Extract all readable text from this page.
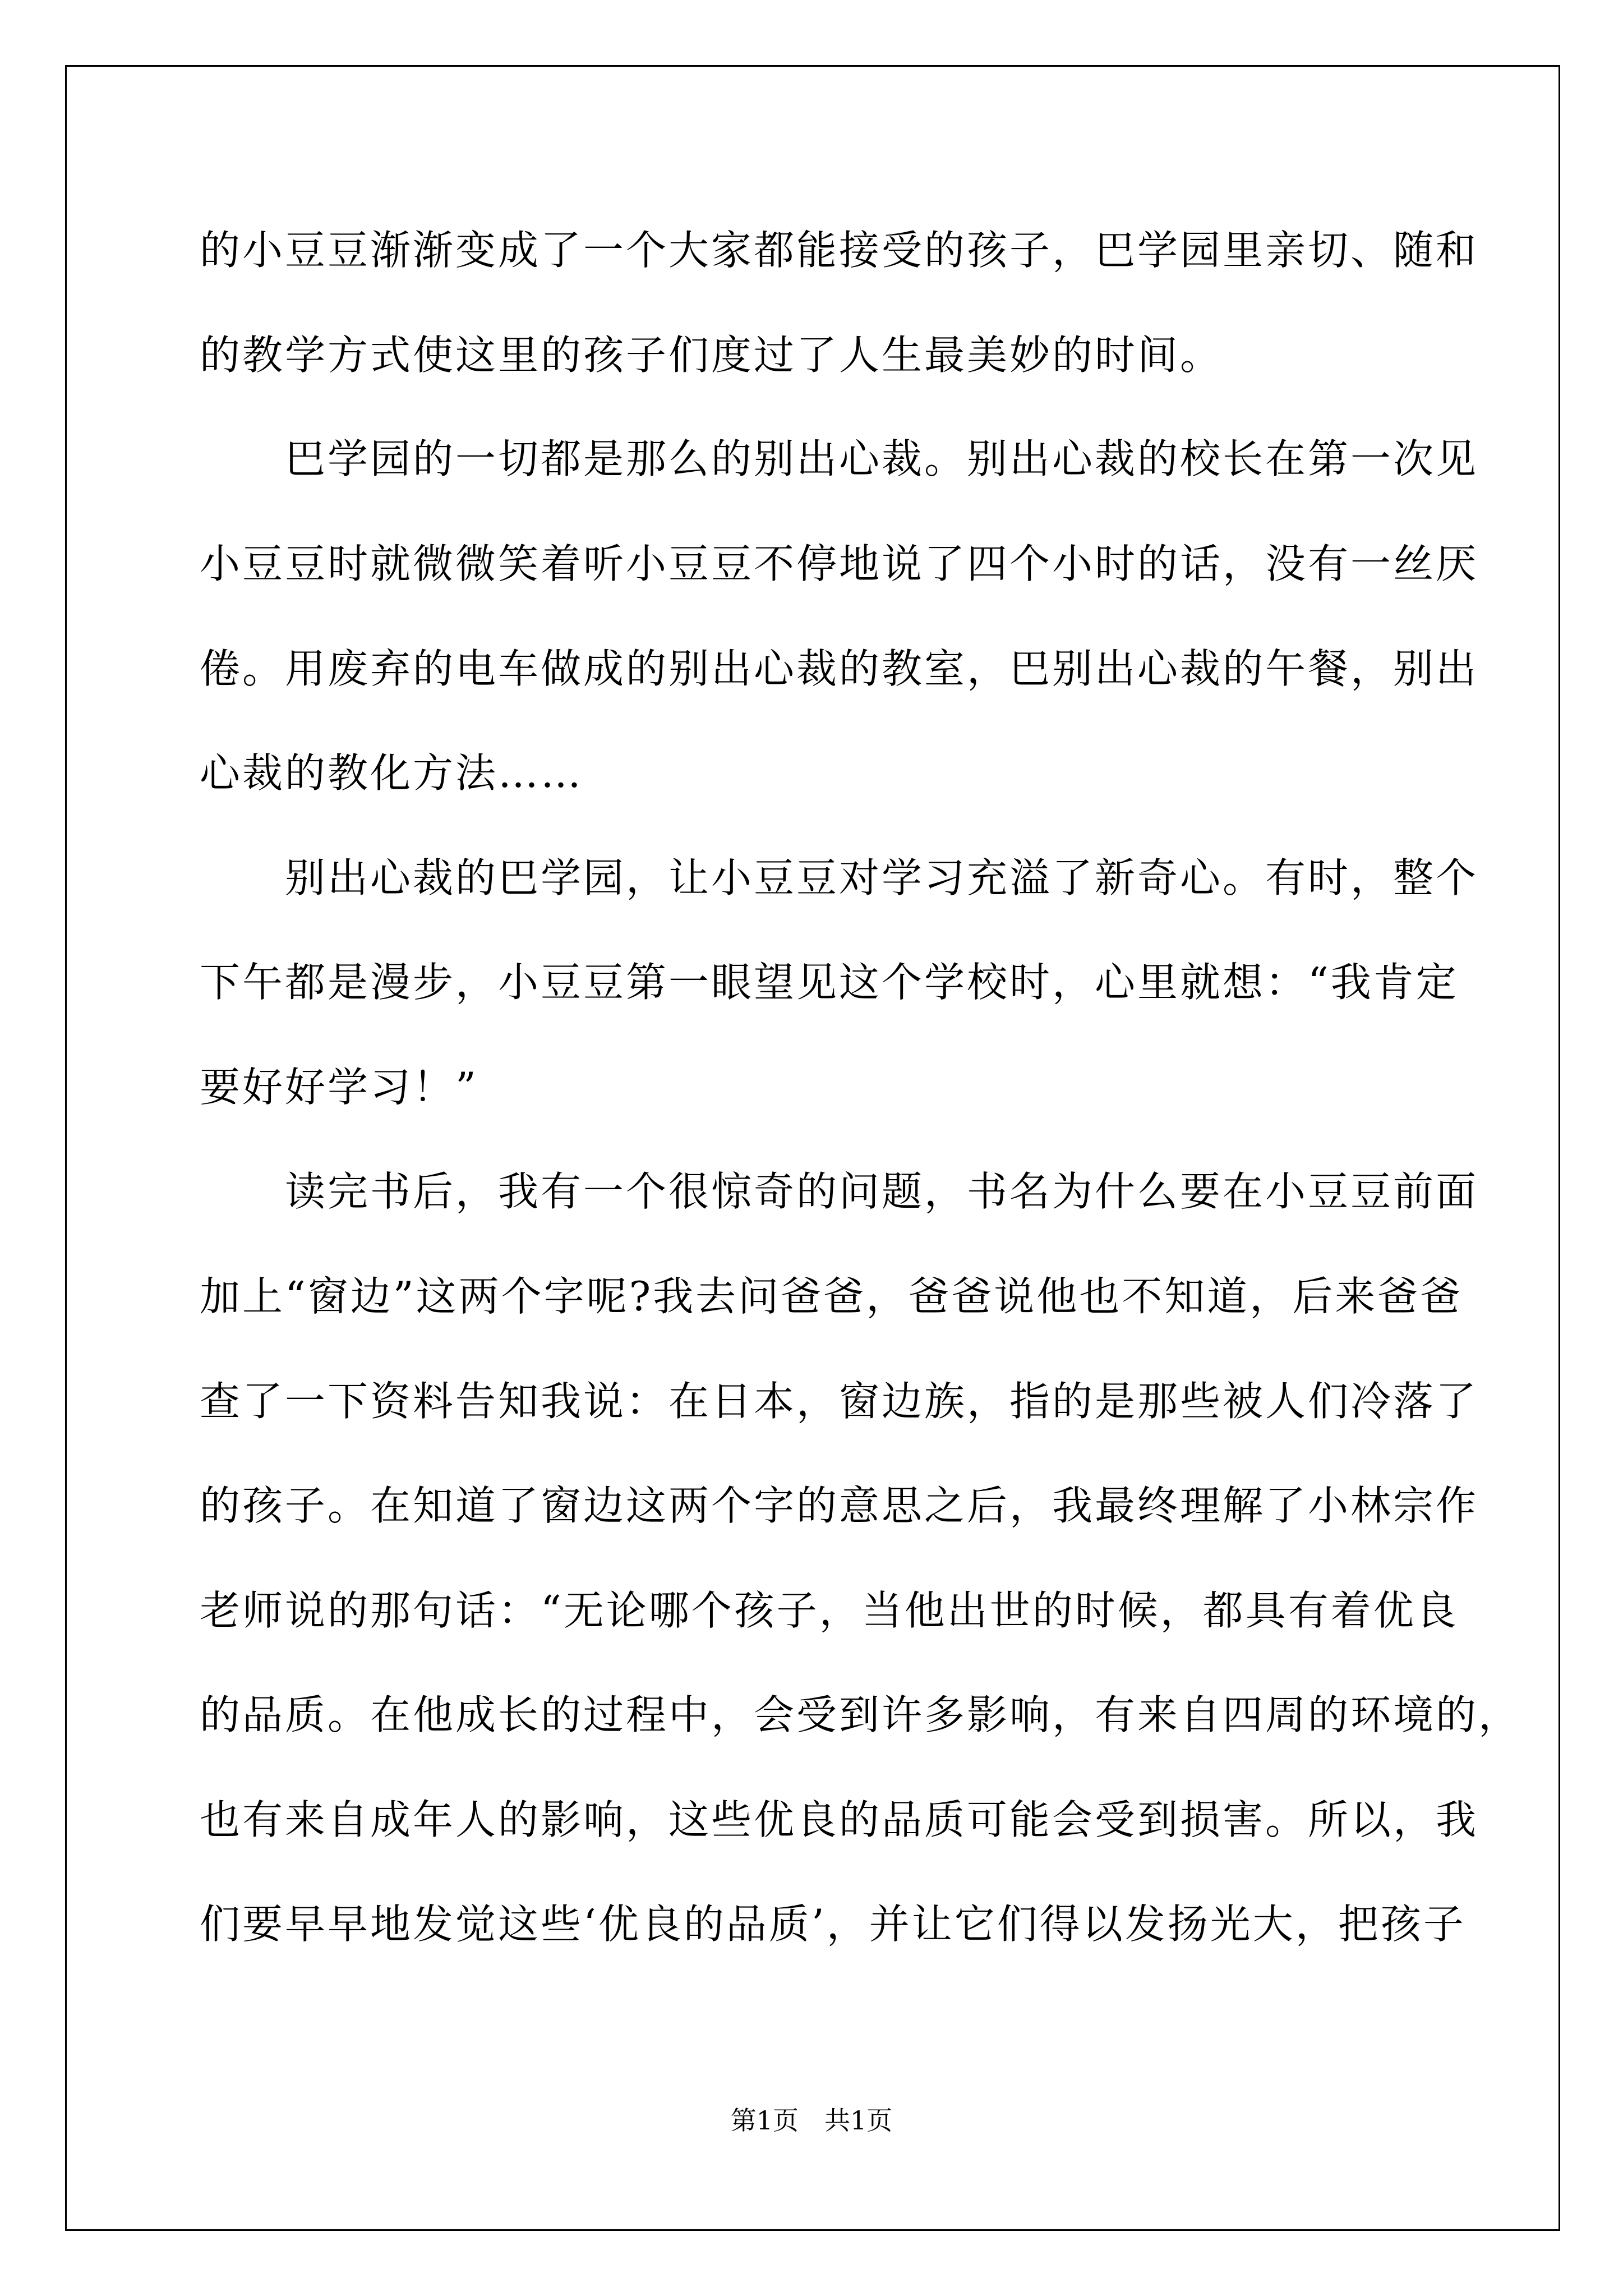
的小豆豆渐渐变成了一个大家都能接受的孩子，巴学园里亲切、随和
的教学方式使这里的孩子们度过了人生最美妙的时间。
　　巴学园的一切都是那么的别出心裁。别出心裁的校长在第一次见
小豆豆时就微微笑着听小豆豆不停地说了四个小时的话，没有一丝厌
倦。用废弃的电车做成的别出心裁的教室，巴别出心裁的午餐，别出
心裁的教化方法……
　　别出心裁的巴学园，让小豆豆对学习充溢了新奇心。有时，整个
下午都是漫步，小豆豆第一眼望见这个学校时，心里就想：“我肯定
要好好学习！”
　　读完书后，我有一个很惊奇的问题，书名为什么要在小豆豆前面
加上“窗边”这两个字呢?我去问爸爸，爸爸说他也不知道，后来爸爸
查了一下资料告知我说：在日本，窗边族，指的是那些被人们冷落了
的孩子。在知道了窗边这两个字的意思之后，我最终理解了小林宗作
老师说的那句话：“无论哪个孩子，当他出世的时候，都具有着优良
的品质。在他成长的过程中，会受到许多影响，有来自四周的环境的，
也有来自成年人的影响，这些优良的品质可能会受到损害。所以，我
们要早早地发觉这些‘优良的品质’，并让它们得以发扬光大，把孩子
第1页　共1页
